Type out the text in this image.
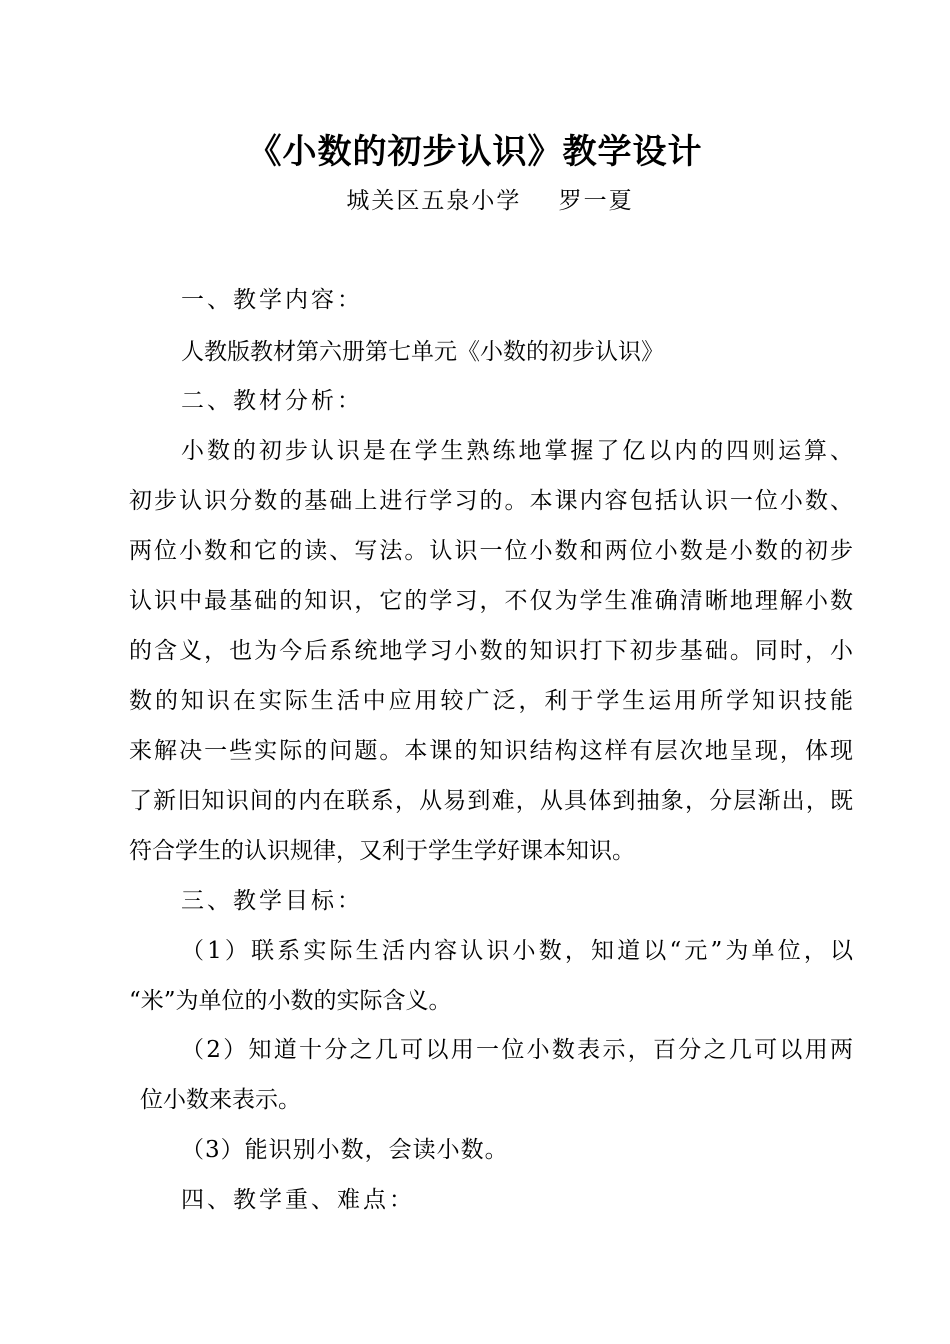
《小数的初步认识》教学设计
城关区五泉小学    罗一夏
一、教学内容：
人教版教材第六册第七单元《小数的初步认识》
二、教材分析：
小数的初步认识是在学生熟练地掌握了亿以内的四则运算、
初步认识分数的基础上进行学习的。本课内容包括认识一位小数、
两位小数和它的读、写法。认识一位小数和两位小数是小数的初步
认识中最基础的知识，它的学习，不仅为学生准确清晰地理解小数
的含义，也为今后系统地学习小数的知识打下初步基础。同时，小
数的知识在实际生活中应用较广泛，利于学生运用所学知识技能
来解决一些实际的问题。本课的知识结构这样有层次地呈现，体现
了新旧知识间的内在联系，从易到难，从具体到抽象，分层渐出，既
符合学生的认识规律，又利于学生学好课本知识。
三、教学目标：
（1）联系实际生活内容认识小数，知道以“元”为单位，以
“米”为单位的小数的实际含义。
（2）知道十分之几可以用一位小数表示，百分之几可以用两
位小数来表示。
（3）能识别小数，会读小数。
四、教学重、难点：
